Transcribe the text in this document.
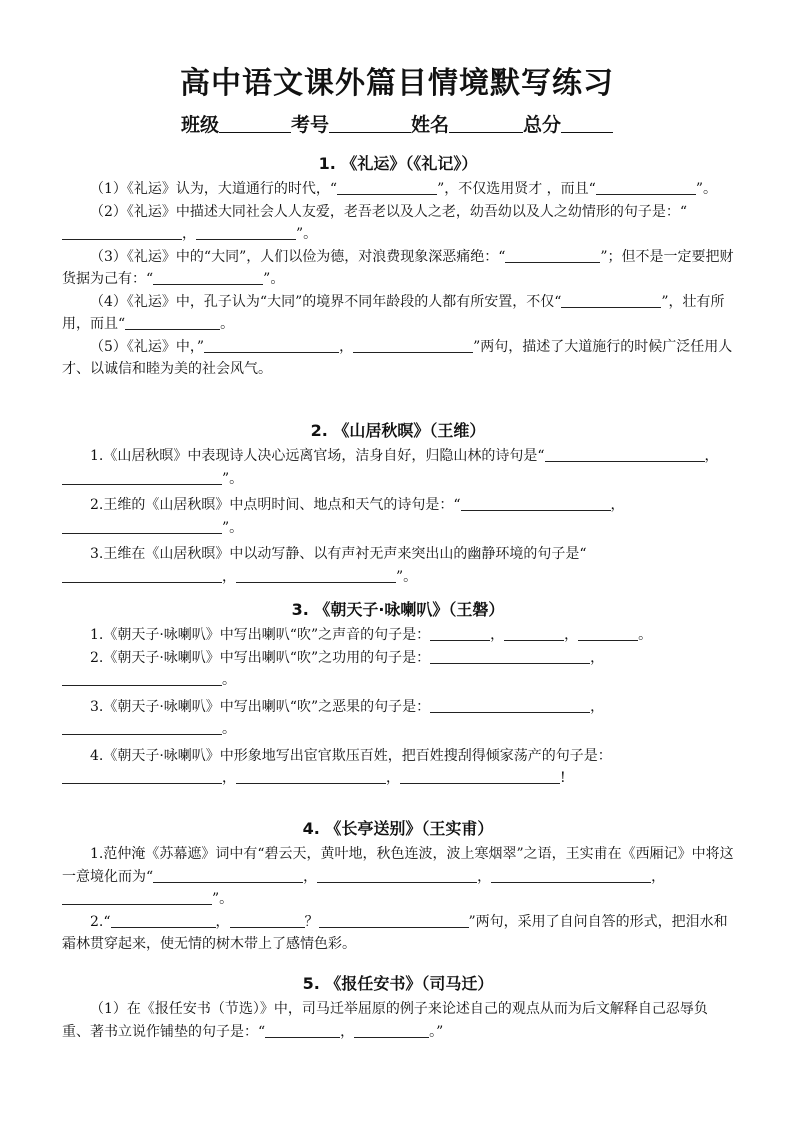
高中语文课外篇目情境默写练习
班级	考号	姓名	总分
1. 《礼运》（《礼记》）

（1）《礼运》认为，大道通行的时代，“	”，不仅选用贤才 ，而且“	”。

（2）《礼运》中描述大同社会人人友爱，老吾老以及人之老，幼吾幼以及人之幼情形的句子是：“，	”。

（3）《礼运》中的“大同”，人们以俭为德，对浪费现象深恶痛绝：“	”；但不是一定要把财货据为己有：“	”。

（4）《礼运》中，孔子认为“大同”的境界不同年龄段的人都有所安置，不仅“	”，壮有所用，而且“	。

（5）《礼运》中，”	，	”两句，描述了大道施行的时候广泛任用人才、以诚信和睦为美的社会风气。

2. 《山居秋暝》（王维）

1.《山居秋暝》中表现诗人决心远离官场，洁身自好，归隐山林的诗句是“	，”。

2.王维的《山居秋暝》中点明时间、地点和天气的诗句是：“	，”。

3.王维在《山居秋暝》中以动写静、以有声衬无声来突出山的幽静环境的句子是“，	”。

3. 《朝天子·咏喇叭》（王磐）

1.《朝天子·咏喇叭》中写出喇叭“吹”之声音的句子是：	，	，	。

2.《朝天子·咏喇叭》中写出喇叭“吹”之功用的句子是：	，。

3.《朝天子·咏喇叭》中写出喇叭“吹”之恶果的句子是：	，。

4.《朝天子·咏喇叭》中形象地写出宦官欺压百姓，把百姓搜刮得倾家荡产的句子是：，	，	!

4. 《长亭送别》（王实甫）

1.范仲淹《苏幕遮》词中有“碧云天，黄叶地，秋色连波，波上寒烟翠”之语，王实甫在《西厢记》中将这一意境化而为“	，	，	，”。

2.“	，	？	”两句，采用了自问自答的形式，把泪水和霜林贯穿起来，使无情的树木带上了感情色彩。

5. 《报任安书》（司马迁）

（1）在《报任安书（节选）》中，司马迁举屈原的例子来论述自己的观点从而为后文解释自己忍辱负重、著书立说作铺垫的句子是：“	，	。”
